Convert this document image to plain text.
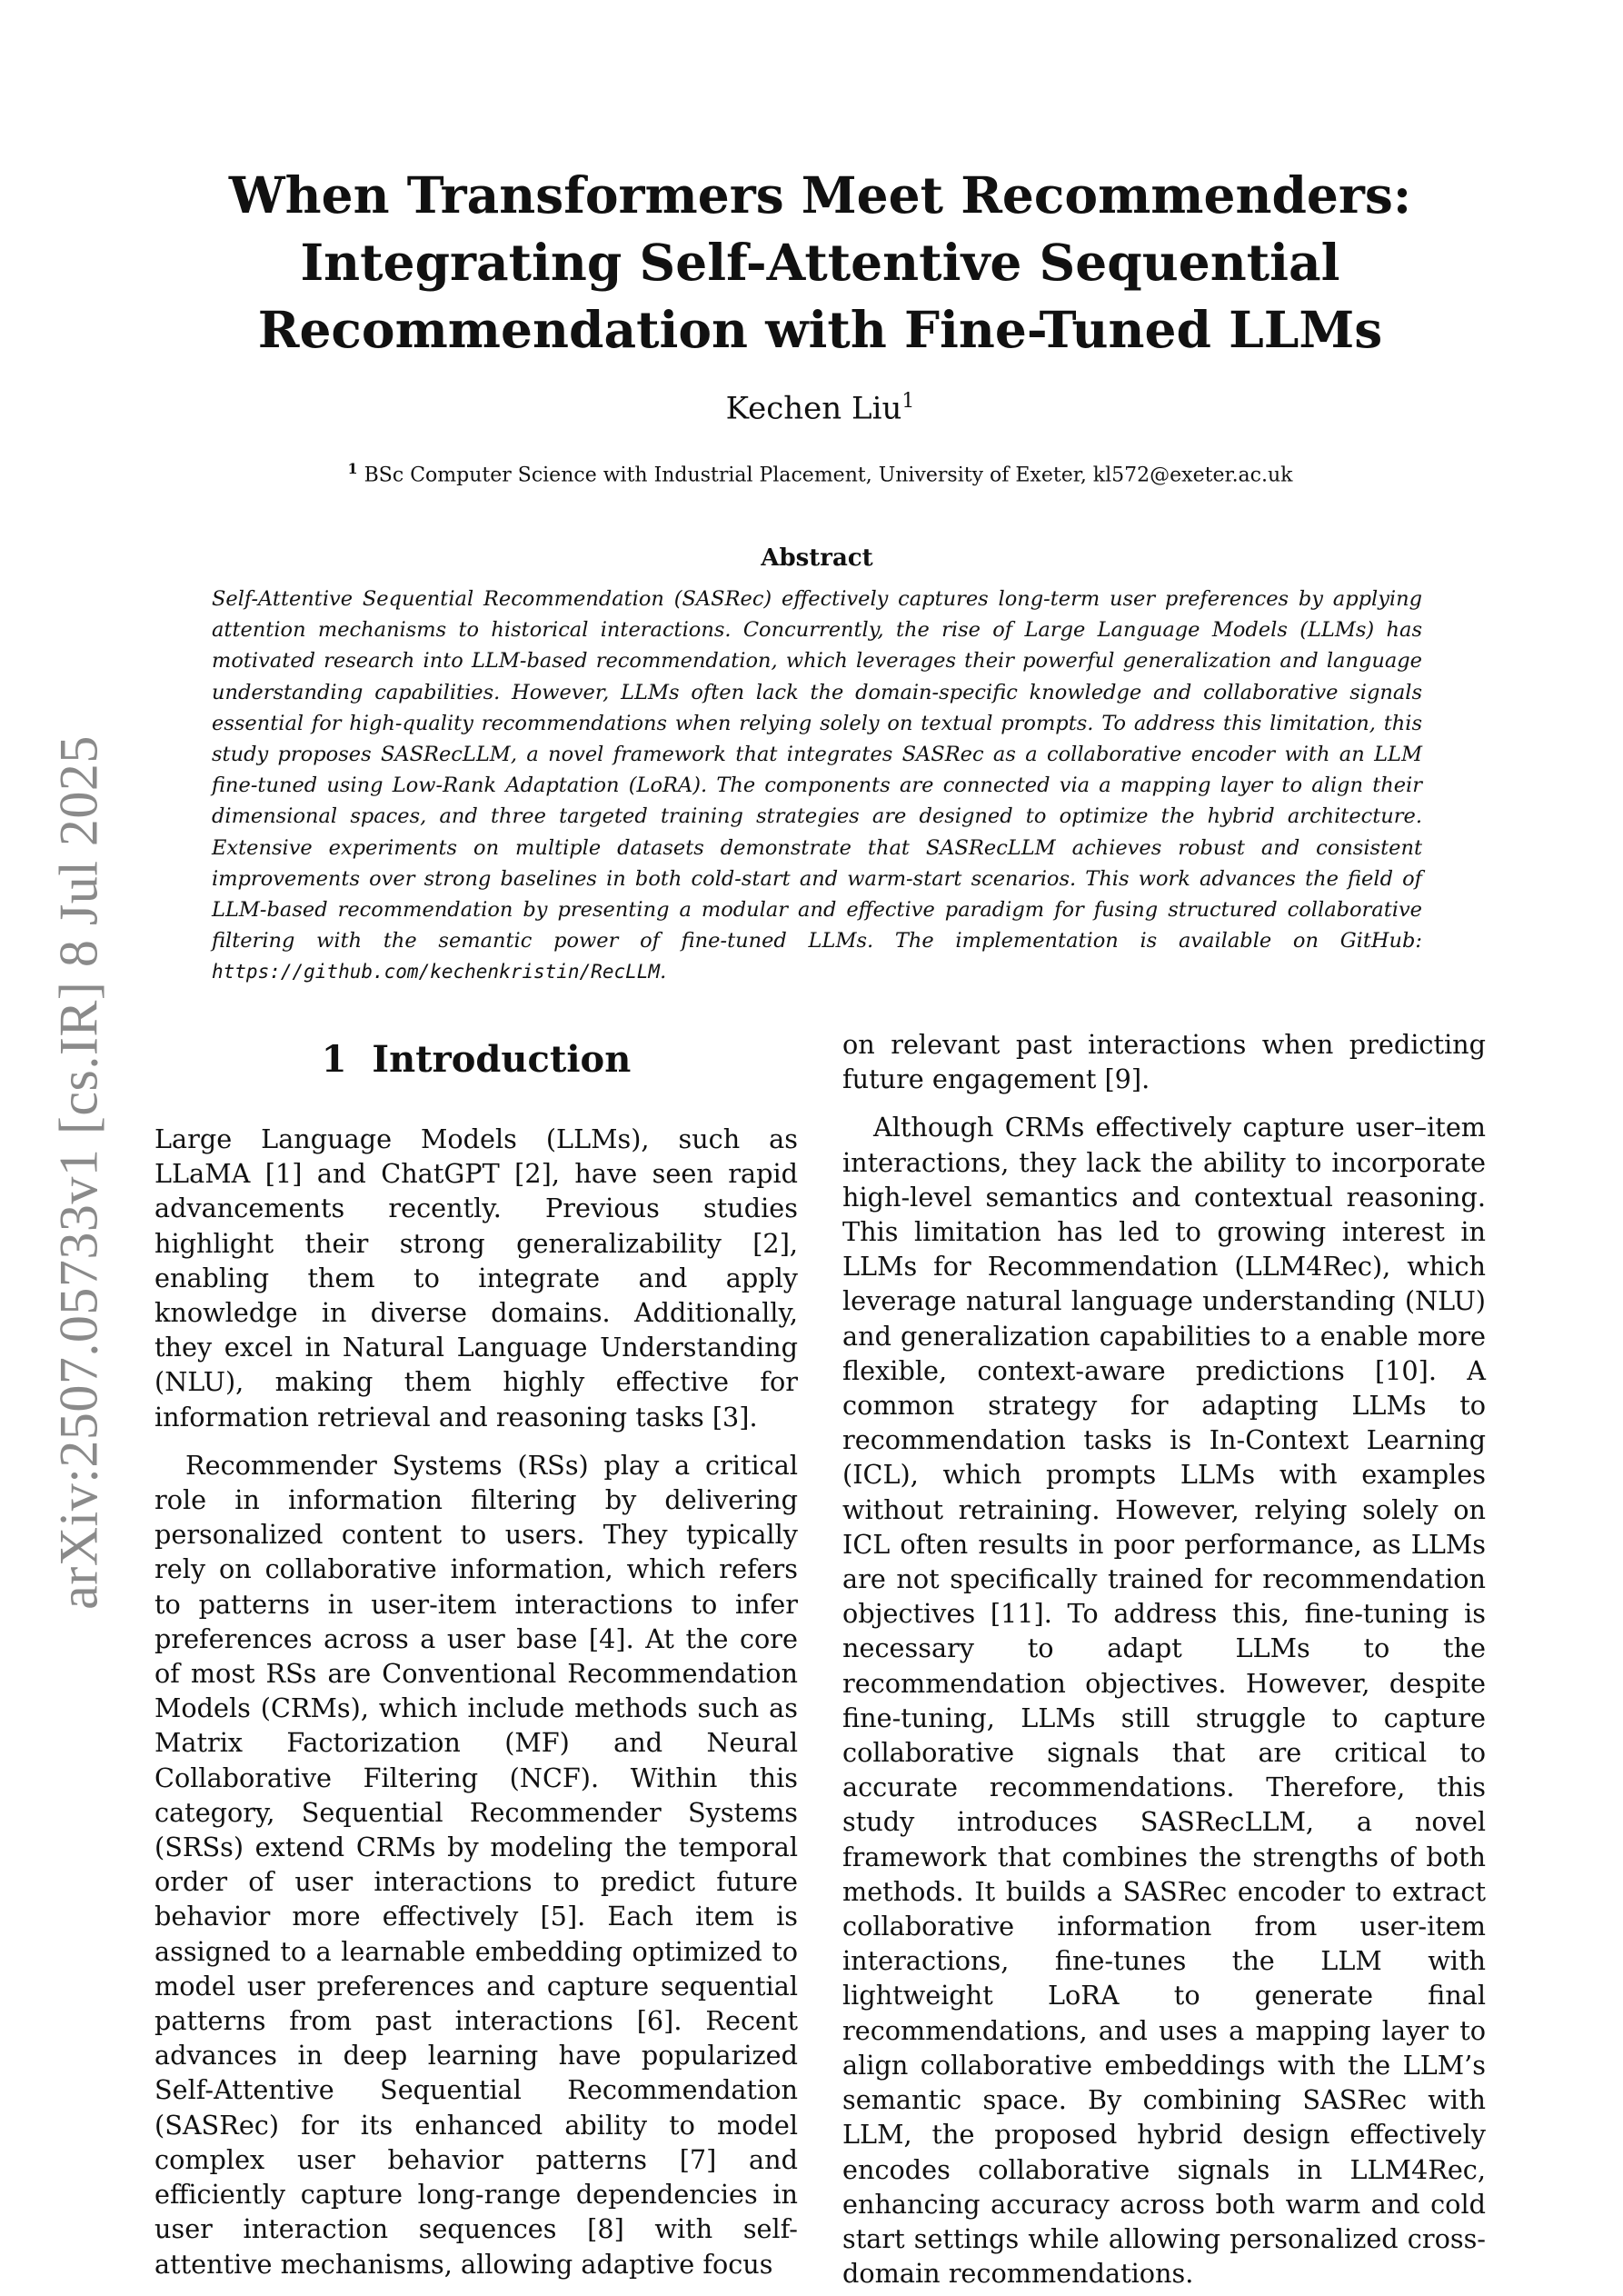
arXiv:2507.05733v1 [cs.IR] 8 Jul 2025
When Transformers Meet Recommenders:
Integrating Self-Attentive Sequential
Recommendation with Fine-Tuned LLMs
Kechen Liu$^1$
$^1$ BSc Computer Science with Industrial Placement, University of Exeter, kl572@exeter.ac.uk
Abstract

Self-Attentive Sequential Recommendation (SASRec) effectively captures long-term user preferences by applying attention mechanisms to historical interactions. Concurrently, the rise of Large Language Models (LLMs) has motivated research into LLM-based recommendation, which leverages their powerful generalization and language understanding capabilities. However, LLMs often lack the domain-specific knowledge and collaborative signals essential for high-quality recommendations when relying solely on textual prompts. To address this limitation, this study proposes SASRecLLM, a novel framework that integrates SASRec as a collaborative encoder with an LLM fine-tuned using Low-Rank Adaptation (LoRA). The components are connected via a mapping layer to align their dimensional spaces, and three targeted training strategies are designed to optimize the hybrid architecture. Extensive experiments on multiple datasets demonstrate that SASRecLLM achieves robust and consistent improvements over strong baselines in both cold-start and warm-start scenarios. This work advances the field of LLM-based recommendation by presenting a modular and effective paradigm for fusing structured collaborative filtering with the semantic power of fine-tuned LLMs. The implementation is available on GitHub: https://github.com/kechenkristin/RecLLM.

1 Introduction

Large Language Models (LLMs), such as LLaMA [1] and ChatGPT [2], have seen rapid advancements recently. Previous studies highlight their strong generalizability [2], enabling them to integrate and apply knowledge in diverse domains. Additionally, they excel in Natural Language Understanding (NLU), making them highly effective for information retrieval and reasoning tasks [3].

Recommender Systems (RSs) play a critical role in information filtering by delivering personalized content to users. They typically rely on collaborative information, which refers to patterns in user-item interactions to infer preferences across a user base [4]. At the core of most RSs are Conventional Recommendation Models (CRMs), which include methods such as Matrix Factorization (MF) and Neural Collaborative Filtering (NCF). Within this category, Sequential Recommender Systems (SRSs) extend CRMs by modeling the temporal order of user interactions to predict future behavior more effectively [5]. Each item is assigned to a learnable embedding optimized to model user preferences and capture sequential patterns from past interactions [6]. Recent advances in deep learning have popularized Self-Attentive Sequential Recommendation (SASRec) for its enhanced ability to model complex user behavior patterns [7] and efficiently capture long-range dependencies in user interaction sequences [8] with self-attentive mechanisms, allowing adaptive focus

on relevant past interactions when predicting future engagement [9].

Although CRMs effectively capture user–item interactions, they lack the ability to incorporate high-level semantics and contextual reasoning. This limitation has led to growing interest in LLMs for Recommendation (LLM4Rec), which leverage natural language understanding (NLU) and generalization capabilities to a enable more flexible, context-aware predictions [10]. A common strategy for adapting LLMs to recommendation tasks is In-Context Learning (ICL), which prompts LLMs with examples without retraining. However, relying solely on ICL often results in poor performance, as LLMs are not specifically trained for recommendation objectives [11]. To address this, fine-tuning is necessary to adapt LLMs to the recommendation objectives. However, despite fine-tuning, LLMs still struggle to capture collaborative signals that are critical to accurate recommendations. Therefore, this study introduces SASRecLLM, a novel framework that combines the strengths of both methods. It builds a SASRec encoder to extract collaborative information from user-item interactions, fine-tunes the LLM with lightweight LoRA to generate final recommendations, and uses a mapping layer to align collaborative embeddings with the LLM’s semantic space. By combining SASRec with LLM, the proposed hybrid design effectively encodes collaborative signals in LLM4Rec, enhancing accuracy across both warm and cold start settings while allowing personalized cross-domain recommendations.
